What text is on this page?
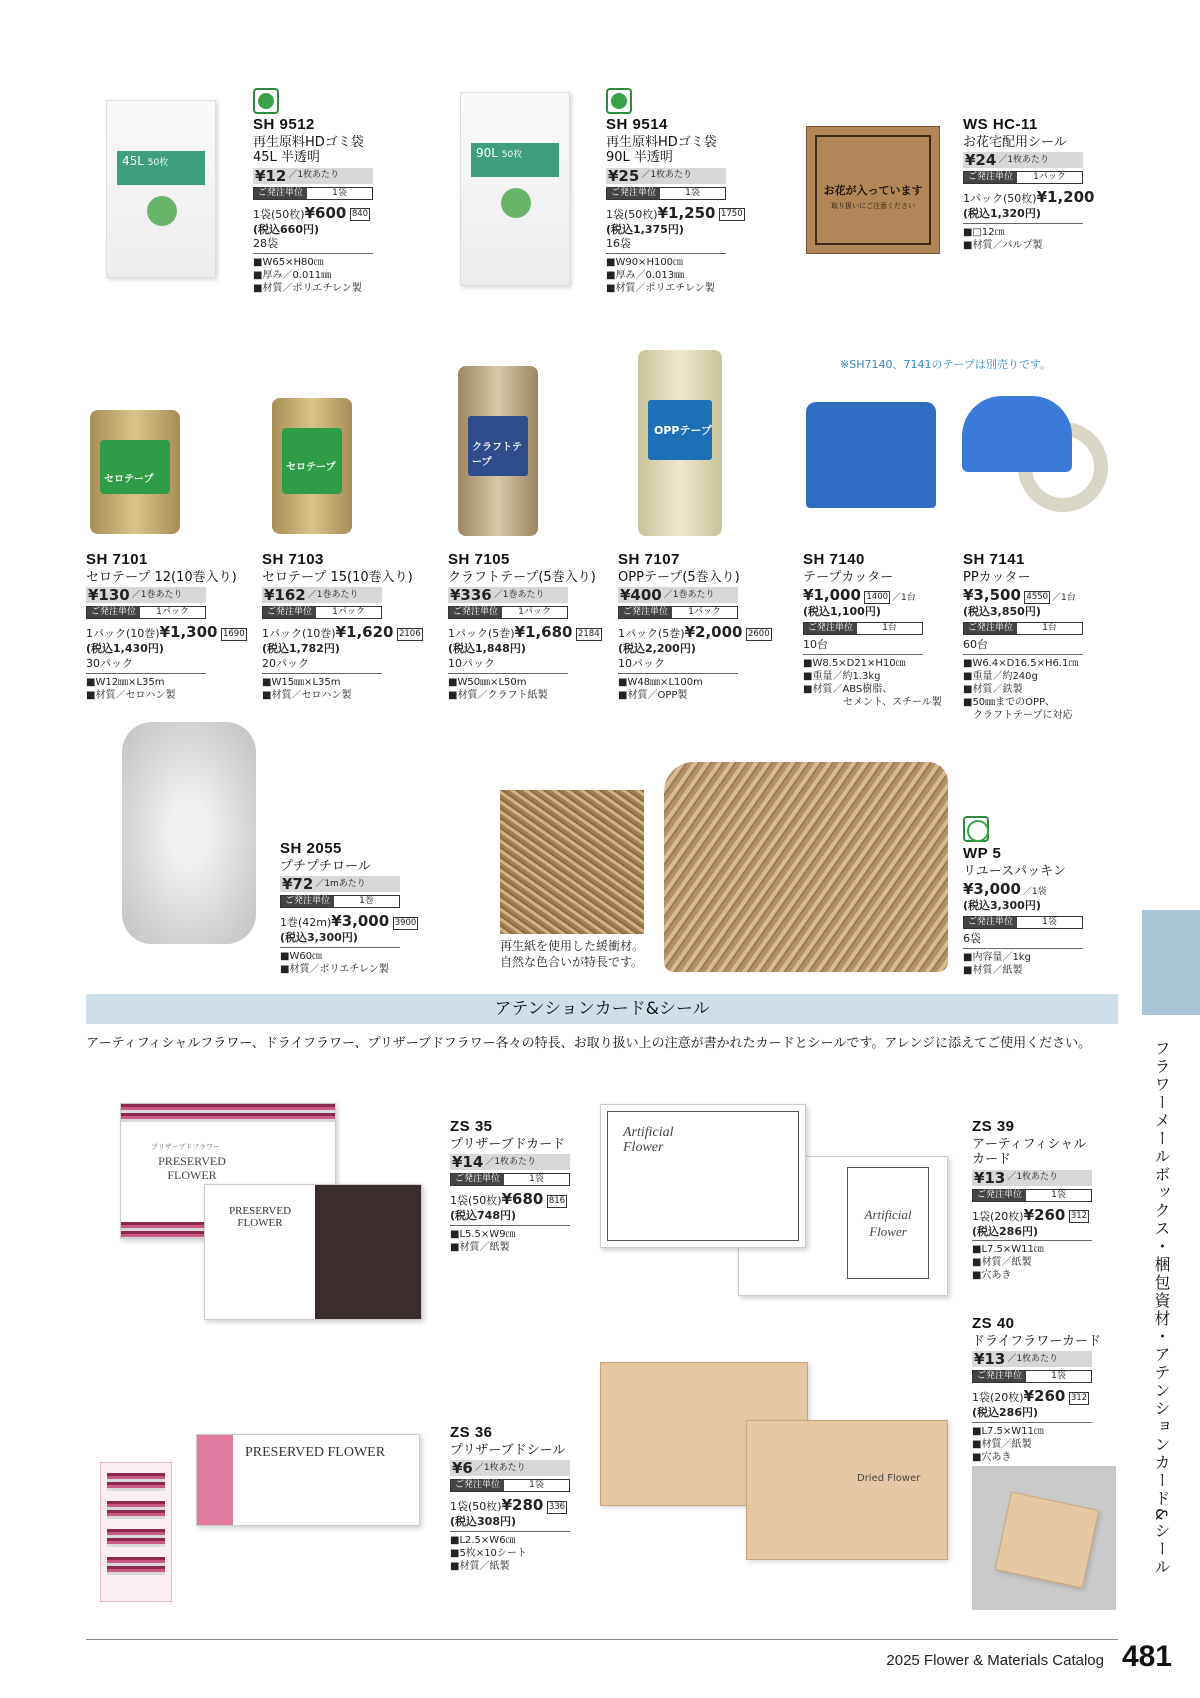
45L 50枚
SH 9512
再生原料HDゴミ袋 45L 半透明
¥12 ／1枚あたり
ご発注単位	1袋
1袋(50枚)¥600 840
(税込660円)
28袋
■W65×H80㎝
■厚み／0.011㎜
■材質／ポリエチレン製
90L 50枚
SH 9514
再生原料HDゴミ袋 90L 半透明
¥25 ／1枚あたり
ご発注単位	1袋
1袋(50枚)¥1,250 1750
(税込1,375円)
16袋
■W90×H100㎝
■厚み／0.013㎜
■材質／ポリエチレン製
お花が入っています
取り扱いにご注意ください
WS HC-11
お花宅配用シール
¥24 ／1枚あたり
ご発注単位	1パック
1パック(50枚)¥1,200
(税込1,320円)
■□12㎝
■材質／パルプ製
※SH7140、7141のテープは別売りです。
セロテープ
セロテープ
クラフトテープ
OPPテープ
SH 7101
セロテープ 12(10巻入り)
¥130 ／1巻あたり
ご発注単位	1パック
1パック(10巻)¥1,300 1690
(税込1,430円)
30パック
■W12㎜×L35m
■材質／セロハン製
SH 7103
セロテープ 15(10巻入り)
¥162 ／1巻あたり
ご発注単位	1パック
1パック(10巻)¥1,620 2106
(税込1,782円)
20パック
■W15㎜×L35m
■材質／セロハン製
SH 7105
クラフトテープ(5巻入り)
¥336 ／1巻あたり
ご発注単位	1パック
1パック(5巻)¥1,680 2184
(税込1,848円)
10パック
■W50㎜×L50m
■材質／クラフト紙製
SH 7107
OPPテープ(5巻入り)
¥400 ／1巻あたり
ご発注単位	1パック
1パック(5巻)¥2,000 2600
(税込2,200円)
10パック
■W48㎜×L100m
■材質／OPP製
SH 7140
テープカッター
¥1,000 1400 ／1台
(税込1,100円)
ご発注単位	1台
10台
■W8.5×D21×H10㎝
■重量／約1.3kg
■材質／ABS樹脂、
　　　　セメント、スチール製
SH 7141
PPカッター
¥3,500 4550 ／1台
(税込3,850円)
ご発注単位	1台
60台
■W6.4×D16.5×H6.1㎝
■重量／約240g
■材質／鉄製
■50㎜までのOPP、
　クラフトテープに対応
SH 2055
プチプチロール
¥72 ／1mあたり
ご発注単位	1巻
1巻(42m)¥3,000 3900
(税込3,300円)
■W60㎝
■材質／ポリエチレン製
再生紙を使用した緩衝材。
自然な色合いが特長です。
WP 5
リユースパッキン
¥3,000 ／1袋
(税込3,300円)
ご発注単位	1袋
6袋
■内容量／1kg
■材質／紙製
アテンションカード&シール
アーティフィシャルフラワー、ドライフラワー、プリザーブドフラワー各々の特長、お取り扱い上の注意が書かれたカードとシールです。アレンジに添えてご使用ください。
プリザーブドフラワー
PRESERVED FLOWER
PRESERVED FLOWER
ZS 35
プリザーブドカード
¥14 ／1枚あたり
ご発注単位	1袋
1袋(50枚)¥680 816
(税込748円)
■L5.5×W9㎝
■材質／紙製
Artificial Flower
Artificial Flower
ZS 39
アーティフィシャル カード
¥13 ／1枚あたり
ご発注単位	1袋
1袋(20枚)¥260 312
(税込286円)
■L7.5×W11㎝
■材質／紙製
■穴あき
ZS 40
ドライフラワーカード
¥13 ／1枚あたり
ご発注単位	1袋
1袋(20枚)¥260 312
(税込286円)
■L7.5×W11㎝
■材質／紙製
■穴あき
Dried Flower
PRESERVED FLOWER
ZS 36
プリザーブドシール
¥6 ／1枚あたり
ご発注単位	1袋
1袋(50枚)¥280 336
(税込308円)
■L2.5×W6㎝
■5枚×10シート
■材質／紙製	フラワーメールボックス・梱包資材・アテンションカード&シール
2025 Flower & Materials Catalog 481
